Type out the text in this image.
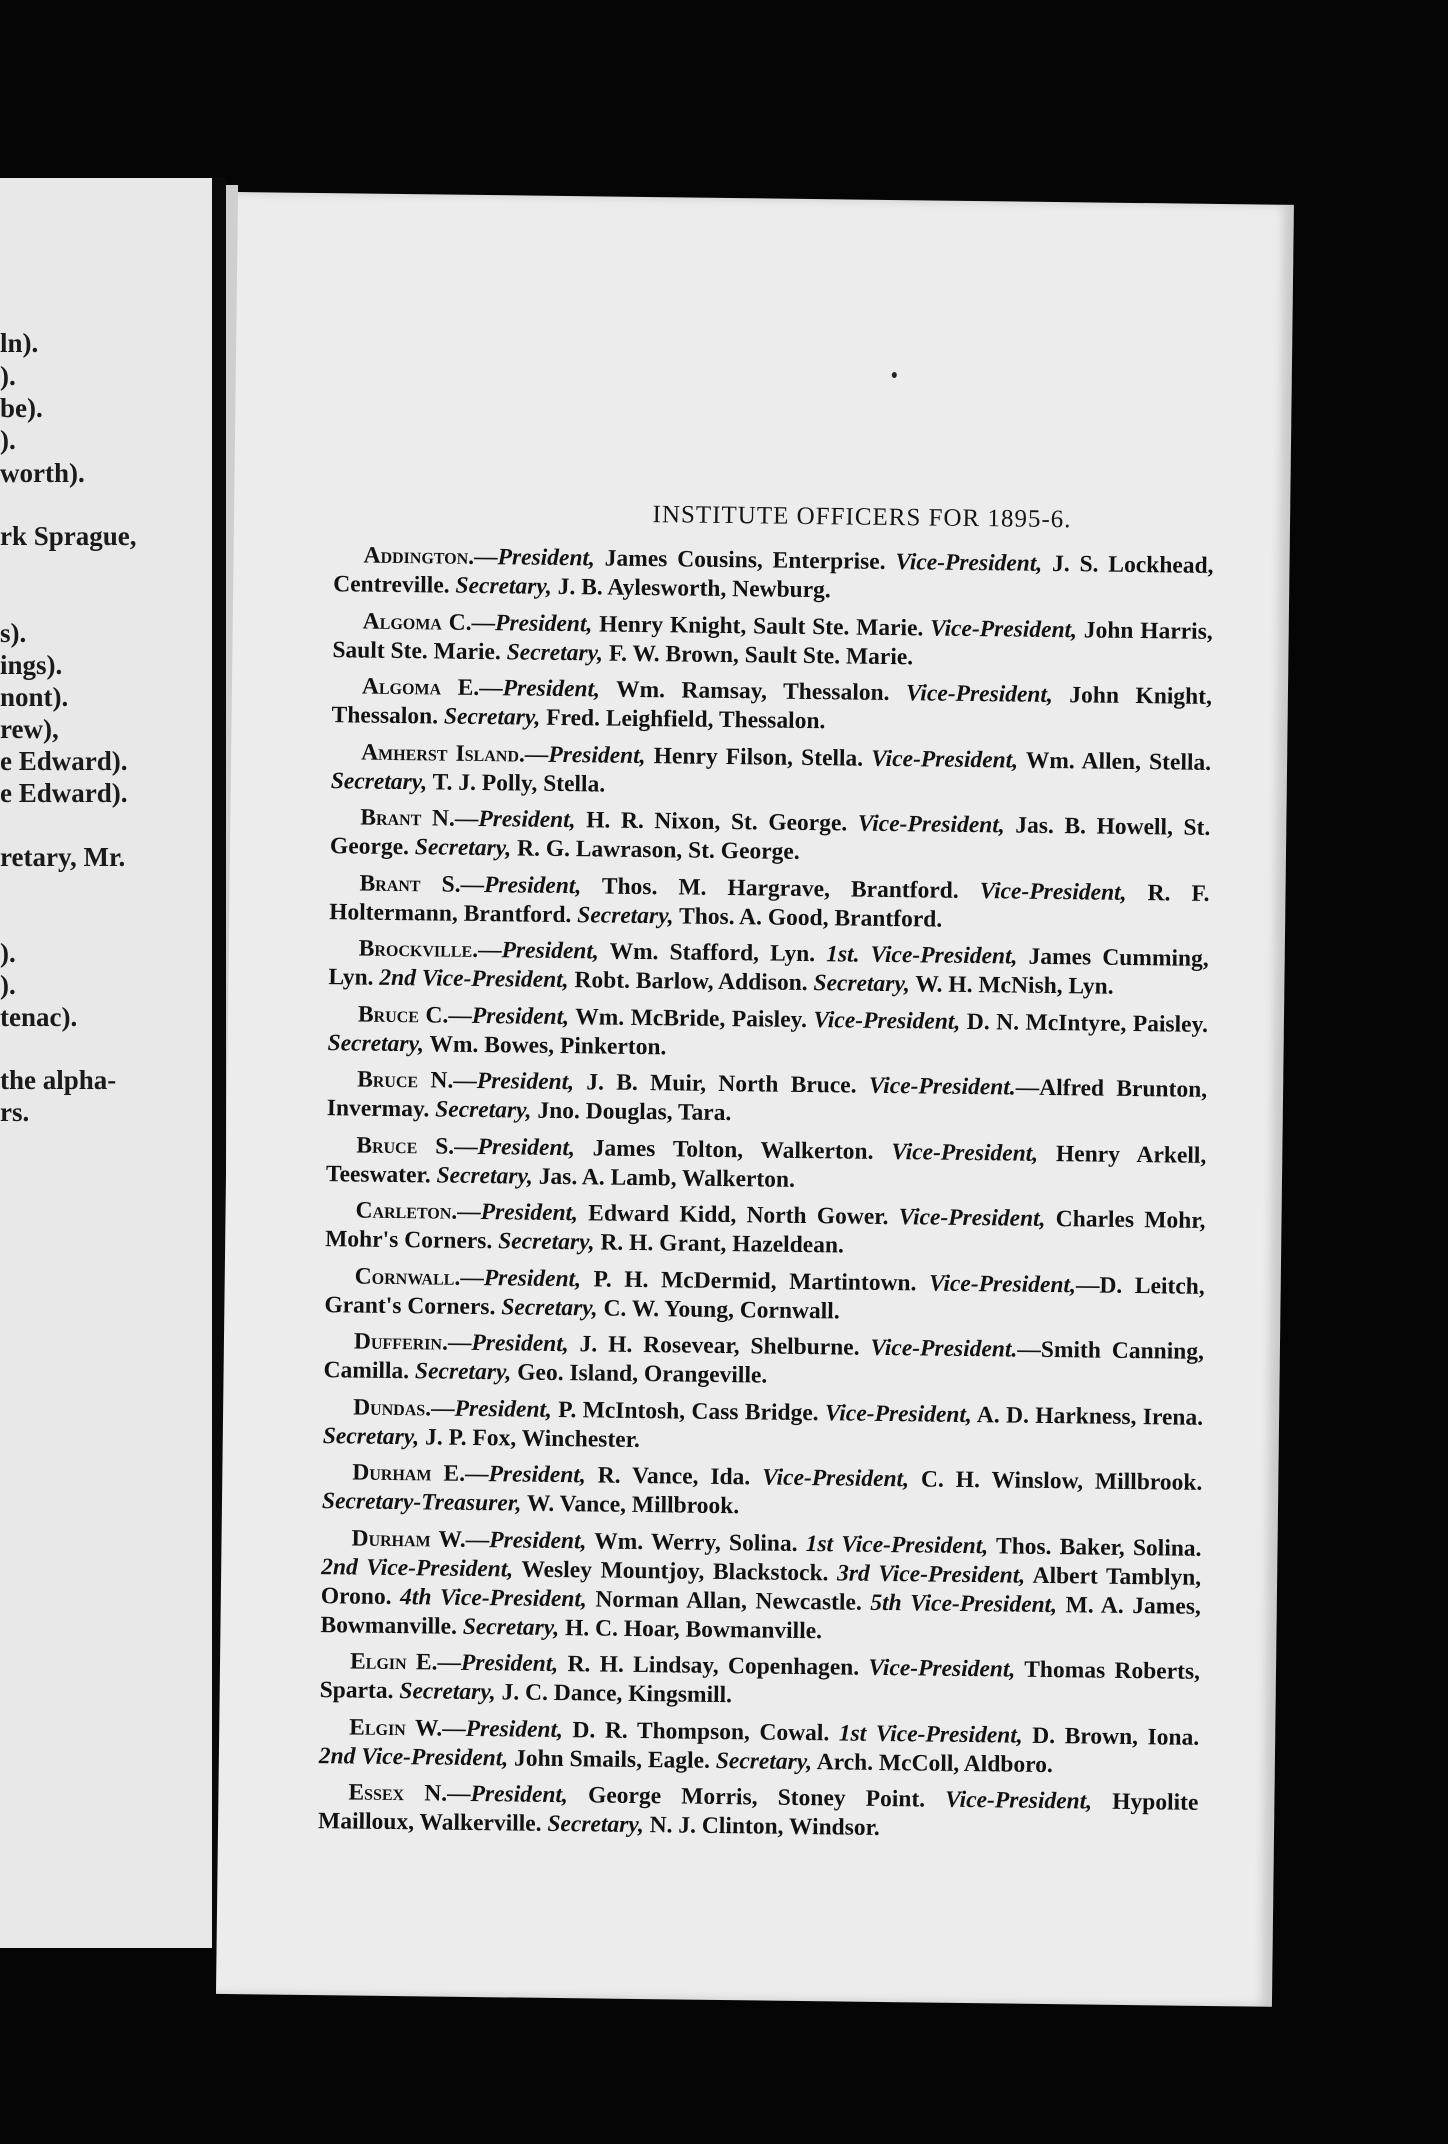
ln).
).
be).
).
worth).
rk Sprague,
s).
ings).
nont).
rew),
e Edward).
e Edward).
retary, Mr.
).
).
tenac).
the alpha-
rs.
INSTITUTE OFFICERS FOR 1895-6.

Addington.—President, James Cousins, Enterprise. Vice-President, J. S. Lockhead, Centreville. Secretary, J. B. Aylesworth, Newburg.

Algoma C.—President, Henry Knight, Sault Ste. Marie. Vice-President, John Harris, Sault Ste. Marie. Secretary, F. W. Brown, Sault Ste. Marie.

Algoma E.—President, Wm. Ramsay, Thessalon. Vice-President, John Knight, Thessalon. Secretary, Fred. Leighfield, Thessalon.

Amherst Island.—President, Henry Filson, Stella. Vice-President, Wm. Allen, Stella. Secretary, T. J. Polly, Stella.

Brant N.—President, H. R. Nixon, St. George. Vice-President, Jas. B. Howell, St. George. Secretary, R. G. Lawrason, St. George.

Brant S.—President, Thos. M. Hargrave, Brantford. Vice-President, R. F. Holtermann, Brantford. Secretary, Thos. A. Good, Brantford.

Brockville.—President, Wm. Stafford, Lyn. 1st. Vice-President, James Cumming, Lyn. 2nd Vice-President, Robt. Barlow, Addison. Secretary, W. H. McNish, Lyn.

Bruce C.—President, Wm. McBride, Paisley. Vice-President, D. N. McIntyre, Paisley. Secretary, Wm. Bowes, Pinkerton.

Bruce N.—President, J. B. Muir, North Bruce. Vice-President.—Alfred Brunton, Invermay. Secretary, Jno. Douglas, Tara.

Bruce S.—President, James Tolton, Walkerton. Vice-President, Henry Arkell, Teeswater. Secretary, Jas. A. Lamb, Walkerton.

Carleton.—President, Edward Kidd, North Gower. Vice-President, Charles Mohr, Mohr's Corners. Secretary, R. H. Grant, Hazeldean.

Cornwall.—President, P. H. McDermid, Martintown. Vice-President,—D. Leitch, Grant's Corners. Secretary, C. W. Young, Cornwall.

Dufferin.—President, J. H. Rosevear, Shelburne. Vice-President.—Smith Canning, Camilla. Secretary, Geo. Island, Orangeville.

Dundas.—President, P. McIntosh, Cass Bridge. Vice-President, A. D. Harkness, Irena. Secretary, J. P. Fox, Winchester.

Durham E.—President, R. Vance, Ida. Vice-President, C. H. Winslow, Millbrook. Secretary-Treasurer, W. Vance, Millbrook.

Durham W.—President, Wm. Werry, Solina. 1st Vice-President, Thos. Baker, Solina. 2nd Vice-President, Wesley Mountjoy, Blackstock. 3rd Vice-President, Albert Tamblyn, Orono. 4th Vice-President, Norman Allan, Newcastle. 5th Vice-President, M. A. James, Bowmanville. Secretary, H. C. Hoar, Bowmanville.

Elgin E.—President, R. H. Lindsay, Copenhagen. Vice-President, Thomas Roberts, Sparta. Secretary, J. C. Dance, Kingsmill.

Elgin W.—President, D. R. Thompson, Cowal. 1st Vice-President, D. Brown, Iona. 2nd Vice-President, John Smails, Eagle. Secretary, Arch. McColl, Aldboro.

Essex N.—President, George Morris, Stoney Point. Vice-President, Hypolite Mailloux, Walkerville. Secretary, N. J. Clinton, Windsor.
